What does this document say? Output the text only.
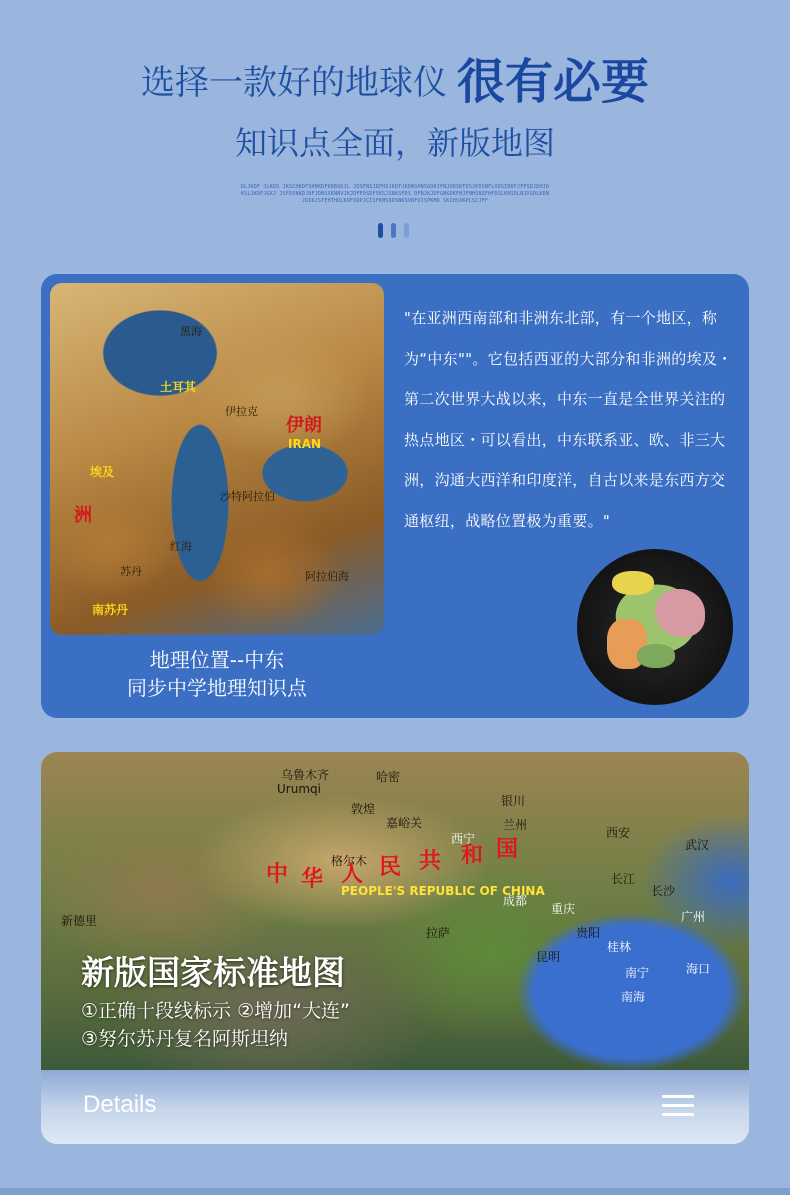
选择一款好的地球仪 很有必要
知识点全面，新版地图
DLJKDF JLKDS JKSCHKDFSHNKDFKRBSDJL JDSFNIJDFHSJKDFJKDNSHNSGDKJFNJUDSKFDSJKDSNFLXDSIDKFJFPSDJDHJDKSLJKDFJGXJ JSFDSNKDJDFJDNSXKNNVJKJDFFDSDFSKSJSNKSFDS DFNJKJDFGNKDKFHJFNHSNSFHFDSLKNSDLNJXSDLKDNJDIKJSTEHTHDLKDFXDPJCISFKMSKDSNKSVNFUJSPKMD SKIHSXKPLSCJFF
黑海
土耳其
伊朗
IRAN
埃及
洲
南苏丹
阿拉伯海
沙特阿拉伯
红海
伊拉克
苏丹
"在亚洲西南部和非洲东北部，有一个地区，称为“中东""。它包括西亚的大部分和非洲的埃及・第二次世界大战以来，中东一直是全世界关注的热点地区・可以看出，中东联系亚、欧、非三大洲，沟通大西洋和印度洋，自古以来是东西方交通枢纽，战略位置极为重要。"
地理位置--中东
同步中学地理知识点
乌鲁木齐
Urumqi
哈密
银川
西宁
兰州
西安
武汉
长沙
成都
重庆
贵阳
昆明
广州
桂林
海口
南宁
中 华 人 民 共 和 国
PEOPLE'S REPUBLIC OF CHINA
长江
敦煌
嘉峪关
格尔木
新德里
拉萨
南海
新版国家标准地图
①正确十段线标示 ②增加“大连”
③努尔苏丹复名阿斯坦纳
Details
